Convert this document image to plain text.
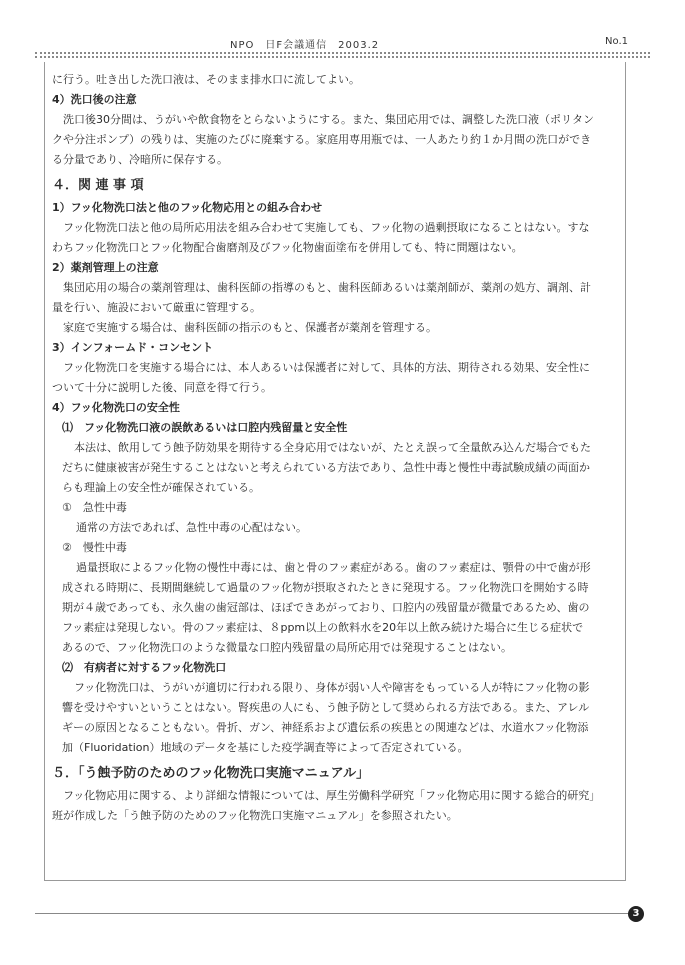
NPO　日F会議通信　2003.2	No.1

に行う。吐き出した洗口液は、そのまま排水口に流してよい。

4）洗口後の注意

洗口後30分間は、うがいや飲食物をとらないようにする。また、集団応用では、調整した洗口液（ポリタン

クや分注ポンプ）の残りは、実施のたびに廃棄する。家庭用専用瓶では、一人あたり約１か月間の洗口ができ

る分量であり、冷暗所に保存する。

４．関 連 事 項

1）フッ化物洗口法と他のフッ化物応用との組み合わせ

フッ化物洗口法と他の局所応用法を組み合わせて実施しても、フッ化物の過剰摂取になることはない。すな

わちフッ化物洗口とフッ化物配合歯磨剤及びフッ化物歯面塗布を併用しても、特に問題はない。

2）薬剤管理上の注意

集団応用の場合の薬剤管理は、歯科医師の指導のもと、歯科医師あるいは薬剤師が、薬剤の処方、調剤、計

量を行い、施設において厳重に管理する。

家庭で実施する場合は、歯科医師の指示のもと、保護者が薬剤を管理する。

3）インフォームド・コンセント

フッ化物洗口を実施する場合には、本人あるいは保護者に対して、具体的方法、期待される効果、安全性に

ついて十分に説明した後、同意を得て行う。

4）フッ化物洗口の安全性

⑴　フッ化物洗口液の誤飲あるいは口腔内残留量と安全性

本法は、飲用してう蝕予防効果を期待する全身応用ではないが、たとえ誤って全量飲み込んだ場合でもた

だちに健康被害が発生することはないと考えられている方法であり、急性中毒と慢性中毒試験成績の両面か

らも理論上の安全性が確保されている。

①　急性中毒

通常の方法であれば、急性中毒の心配はない。

②　慢性中毒

過量摂取によるフッ化物の慢性中毒には、歯と骨のフッ素症がある。歯のフッ素症は、顎骨の中で歯が形

成される時期に、長期間継続して過量のフッ化物が摂取されたときに発現する。フッ化物洗口を開始する時

期が４歳であっても、永久歯の歯冠部は、ほぼできあがっており、口腔内の残留量が微量であるため、歯の

フッ素症は発現しない。骨のフッ素症は、８ppm以上の飲料水を20年以上飲み続けた場合に生じる症状で

あるので、フッ化物洗口のような微量な口腔内残留量の局所応用では発現することはない。

⑵　有病者に対するフッ化物洗口

フッ化物洗口は、うがいが適切に行われる限り、身体が弱い人や障害をもっている人が特にフッ化物の影

響を受けやすいということはない。腎疾患の人にも、う蝕予防として奨められる方法である。また、アレル

ギーの原因となることもない。骨折、ガン、神経系および遺伝系の疾患との関連などは、水道水フッ化物添

加（Fluoridation）地域のデータを基にした疫学調査等によって否定されている。

５．「う蝕予防のためのフッ化物洗口実施マニュアル」

フッ化物応用に関する、より詳細な情報については、厚生労働科学研究「フッ化物応用に関する総合的研究」

班が作成した「う蝕予防のためのフッ化物洗口実施マニュアル」を参照されたい。

3
